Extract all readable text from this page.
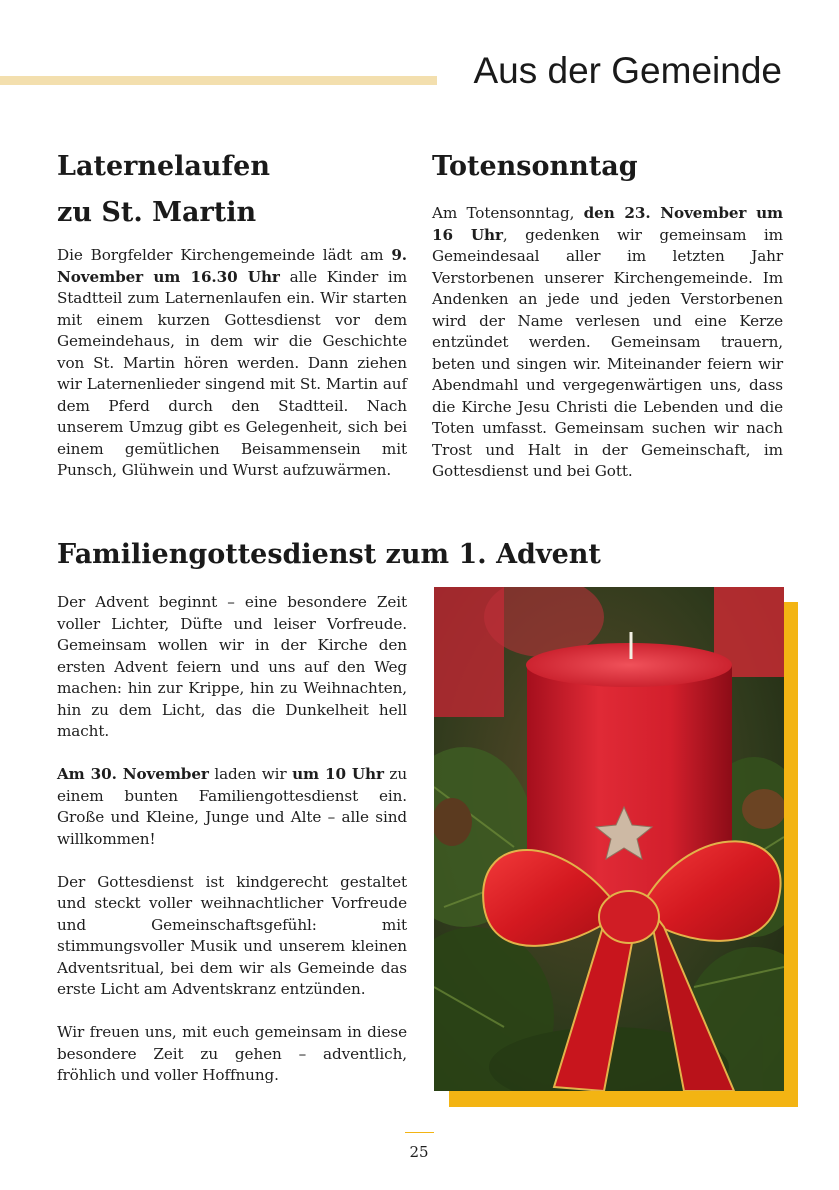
Aus der Gemeinde
Laternelaufen
zu St. Martin

Die Borgfelder Kirchengemeinde lädt am 9. November um 16.30 Uhr alle Kinder im Stadtteil zum Laternenlaufen ein. Wir starten mit einem kurzen Gottesdienst vor dem Gemeindehaus, in dem wir die Geschichte von St. Martin hören werden. Dann ziehen wir Laternenlieder singend mit St. Martin auf dem Pferd durch den Stadtteil. Nach unserem Umzug gibt es Gelegenheit, sich bei einem gemütlichen Beisammensein mit Punsch, Glühwein und Wurst aufzuwärmen.

Totensonntag

Am Totensonntag, den 23. November um 16 Uhr, gedenken wir gemeinsam im Gemeindesaal aller im letzten Jahr Verstorbenen unserer Kirchengemeinde. Im Andenken an jede und jeden Verstorbenen wird der Name verlesen und eine Kerze entzündet werden. Gemeinsam trauern, beten und singen wir. Miteinander feiern wir Abendmahl und vergegenwärtigen uns, dass die Kirche Jesu Christi die Lebenden und die Toten umfasst. Gemeinsam suchen wir nach Trost und Halt in der Gemeinschaft, im Gottesdienst und bei Gott.

Familiengottesdienst zum 1. Advent

Der Advent beginnt – eine besondere Zeit voller Lichter, Düfte und leiser Vorfreude. Gemeinsam wollen wir in der Kirche den ersten Advent feiern und uns auf den Weg machen: hin zur Krippe, hin zu Weihnachten, hin zu dem Licht, das die Dunkelheit hell macht.

Am 30. November laden wir um 10 Uhr zu einem bunten Familiengottesdienst ein. Große und Kleine, Junge und Alte – alle sind willkommen!

Der Gottesdienst ist kindgerecht gestaltet und steckt voller weihnachtlicher Vorfreude und Gemeinschaftsgefühl: mit stimmungsvoller Musik und unserem kleinen Adventsritual, bei dem wir als Gemeinde das erste Licht am Adventskranz entzünden.

Wir freuen uns, mit euch gemeinsam in diese besondere Zeit zu gehen – adventlich, fröhlich und voller Hoffnung.

25
